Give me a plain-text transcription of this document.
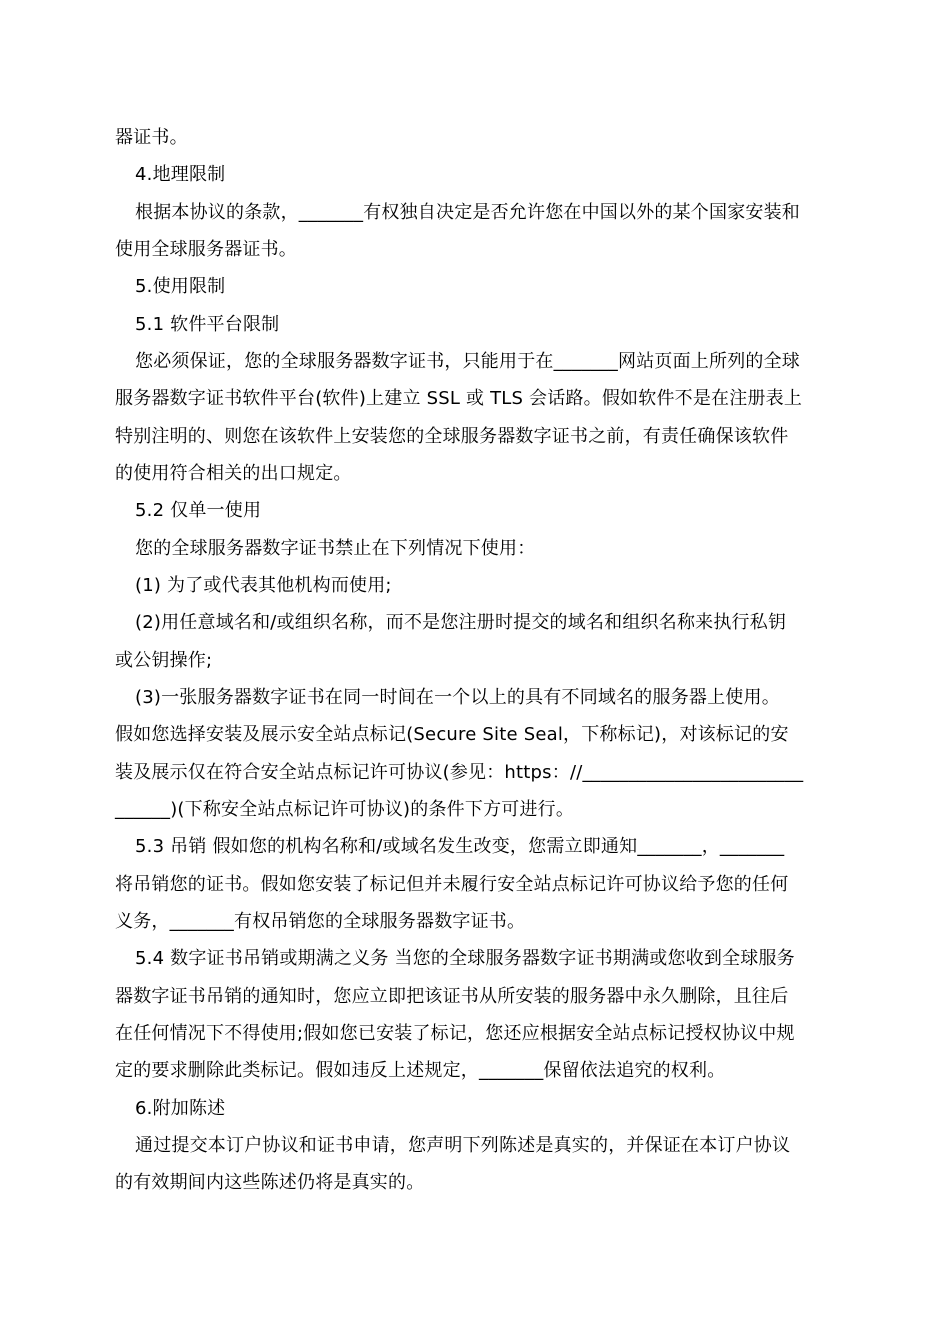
器证书。
4.地理限制
根据本协议的条款，_______有权独自决定是否允许您在中国以外的某个国家安装和
使用全球服务器证书。
5.使用限制
5.1 软件平台限制
您必须保证，您的全球服务器数字证书，只能用于在_______网站页面上所列的全球
服务器数字证书软件平台(软件)上建立 SSL 或 TLS 会话路。假如软件不是在注册表上
特别注明的、则您在该软件上安装您的全球服务器数字证书之前，有责任确保该软件
的使用符合相关的出口规定。
5.2 仅单一使用
您的全球服务器数字证书禁止在下列情况下使用：
(1) 为了或代表其他机构而使用;
(2)用任意域名和/或组织名称，而不是您注册时提交的域名和组织名称来执行私钥
或公钥操作;
(3)一张服务器数字证书在同一时间在一个以上的具有不同域名的服务器上使用。
假如您选择安装及展示安全站点标记(Secure Site Seal，下称标记)，对该标记的安
装及展示仅在符合安全站点标记许可协议(参见：https：//________________________
______)(下称安全站点标记许可协议)的条件下方可进行。
5.3 吊销 假如您的机构名称和/或域名发生改变，您需立即通知_______，_______
将吊销您的证书。假如您安装了标记但并未履行安全站点标记许可协议给予您的任何
义务，_______有权吊销您的全球服务器数字证书。
5.4 数字证书吊销或期满之义务 当您的全球服务器数字证书期满或您收到全球服务
器数字证书吊销的通知时，您应立即把该证书从所安装的服务器中永久删除，且往后
在任何情况下不得使用;假如您已安装了标记，您还应根据安全站点标记授权协议中规
定的要求删除此类标记。假如违反上述规定，_______保留依法追究的权利。
6.附加陈述
通过提交本订户协议和证书申请，您声明下列陈述是真实的，并保证在本订户协议
的有效期间内这些陈述仍将是真实的。
